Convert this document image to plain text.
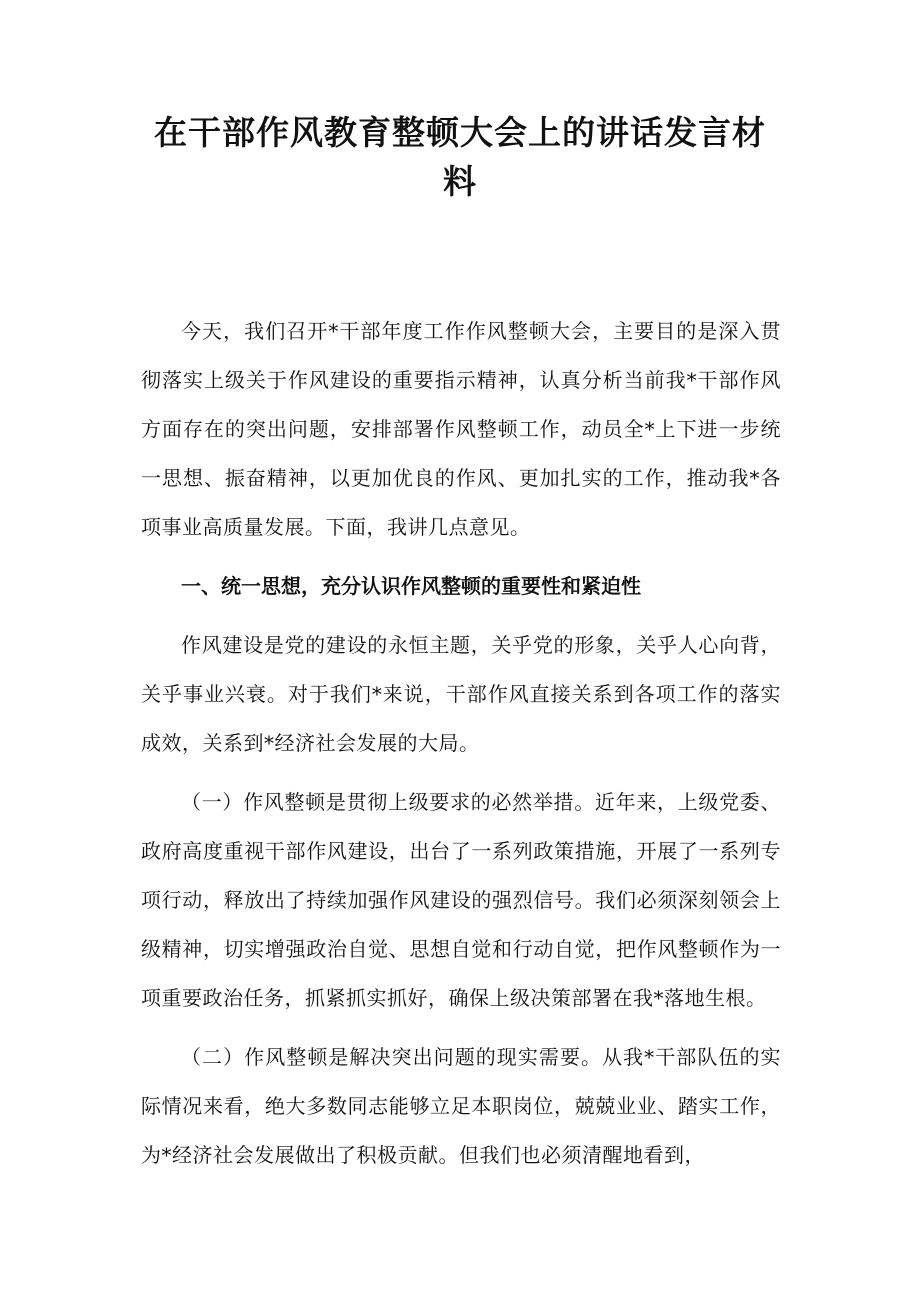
在干部作风教育整顿大会上的讲话发言材料

今天，我们召开*干部年度工作作风整顿大会，主要目的是深入贯彻落实上级关于作风建设的重要指示精神，认真分析当前我*干部作风方面存在的突出问题，安排部署作风整顿工作，动员全*上下进一步统一思想、振奋精神，以更加优良的作风、更加扎实的工作，推动我*各项事业高质量发展。下面，我讲几点意见。

一、统一思想，充分认识作风整顿的重要性和紧迫性

作风建设是党的建设的永恒主题，关乎党的形象，关乎人心向背，关乎事业兴衰。对于我们*来说，干部作风直接关系到各项工作的落实成效，关系到*经济社会发展的大局。

（一）作风整顿是贯彻上级要求的必然举措。近年来，上级党委、政府高度重视干部作风建设，出台了一系列政策措施，开展了一系列专项行动，释放出了持续加强作风建设的强烈信号。我们必须深刻领会上级精神，切实增强政治自觉、思想自觉和行动自觉，把作风整顿作为一项重要政治任务，抓紧抓实抓好，确保上级决策部署在我*落地生根。

（二）作风整顿是解决突出问题的现实需要。从我*干部队伍的实际情况来看，绝大多数同志能够立足本职岗位，兢兢业业、踏实工作，为*经济社会发展做出了积极贡献。但我们也必须清醒地看到，
